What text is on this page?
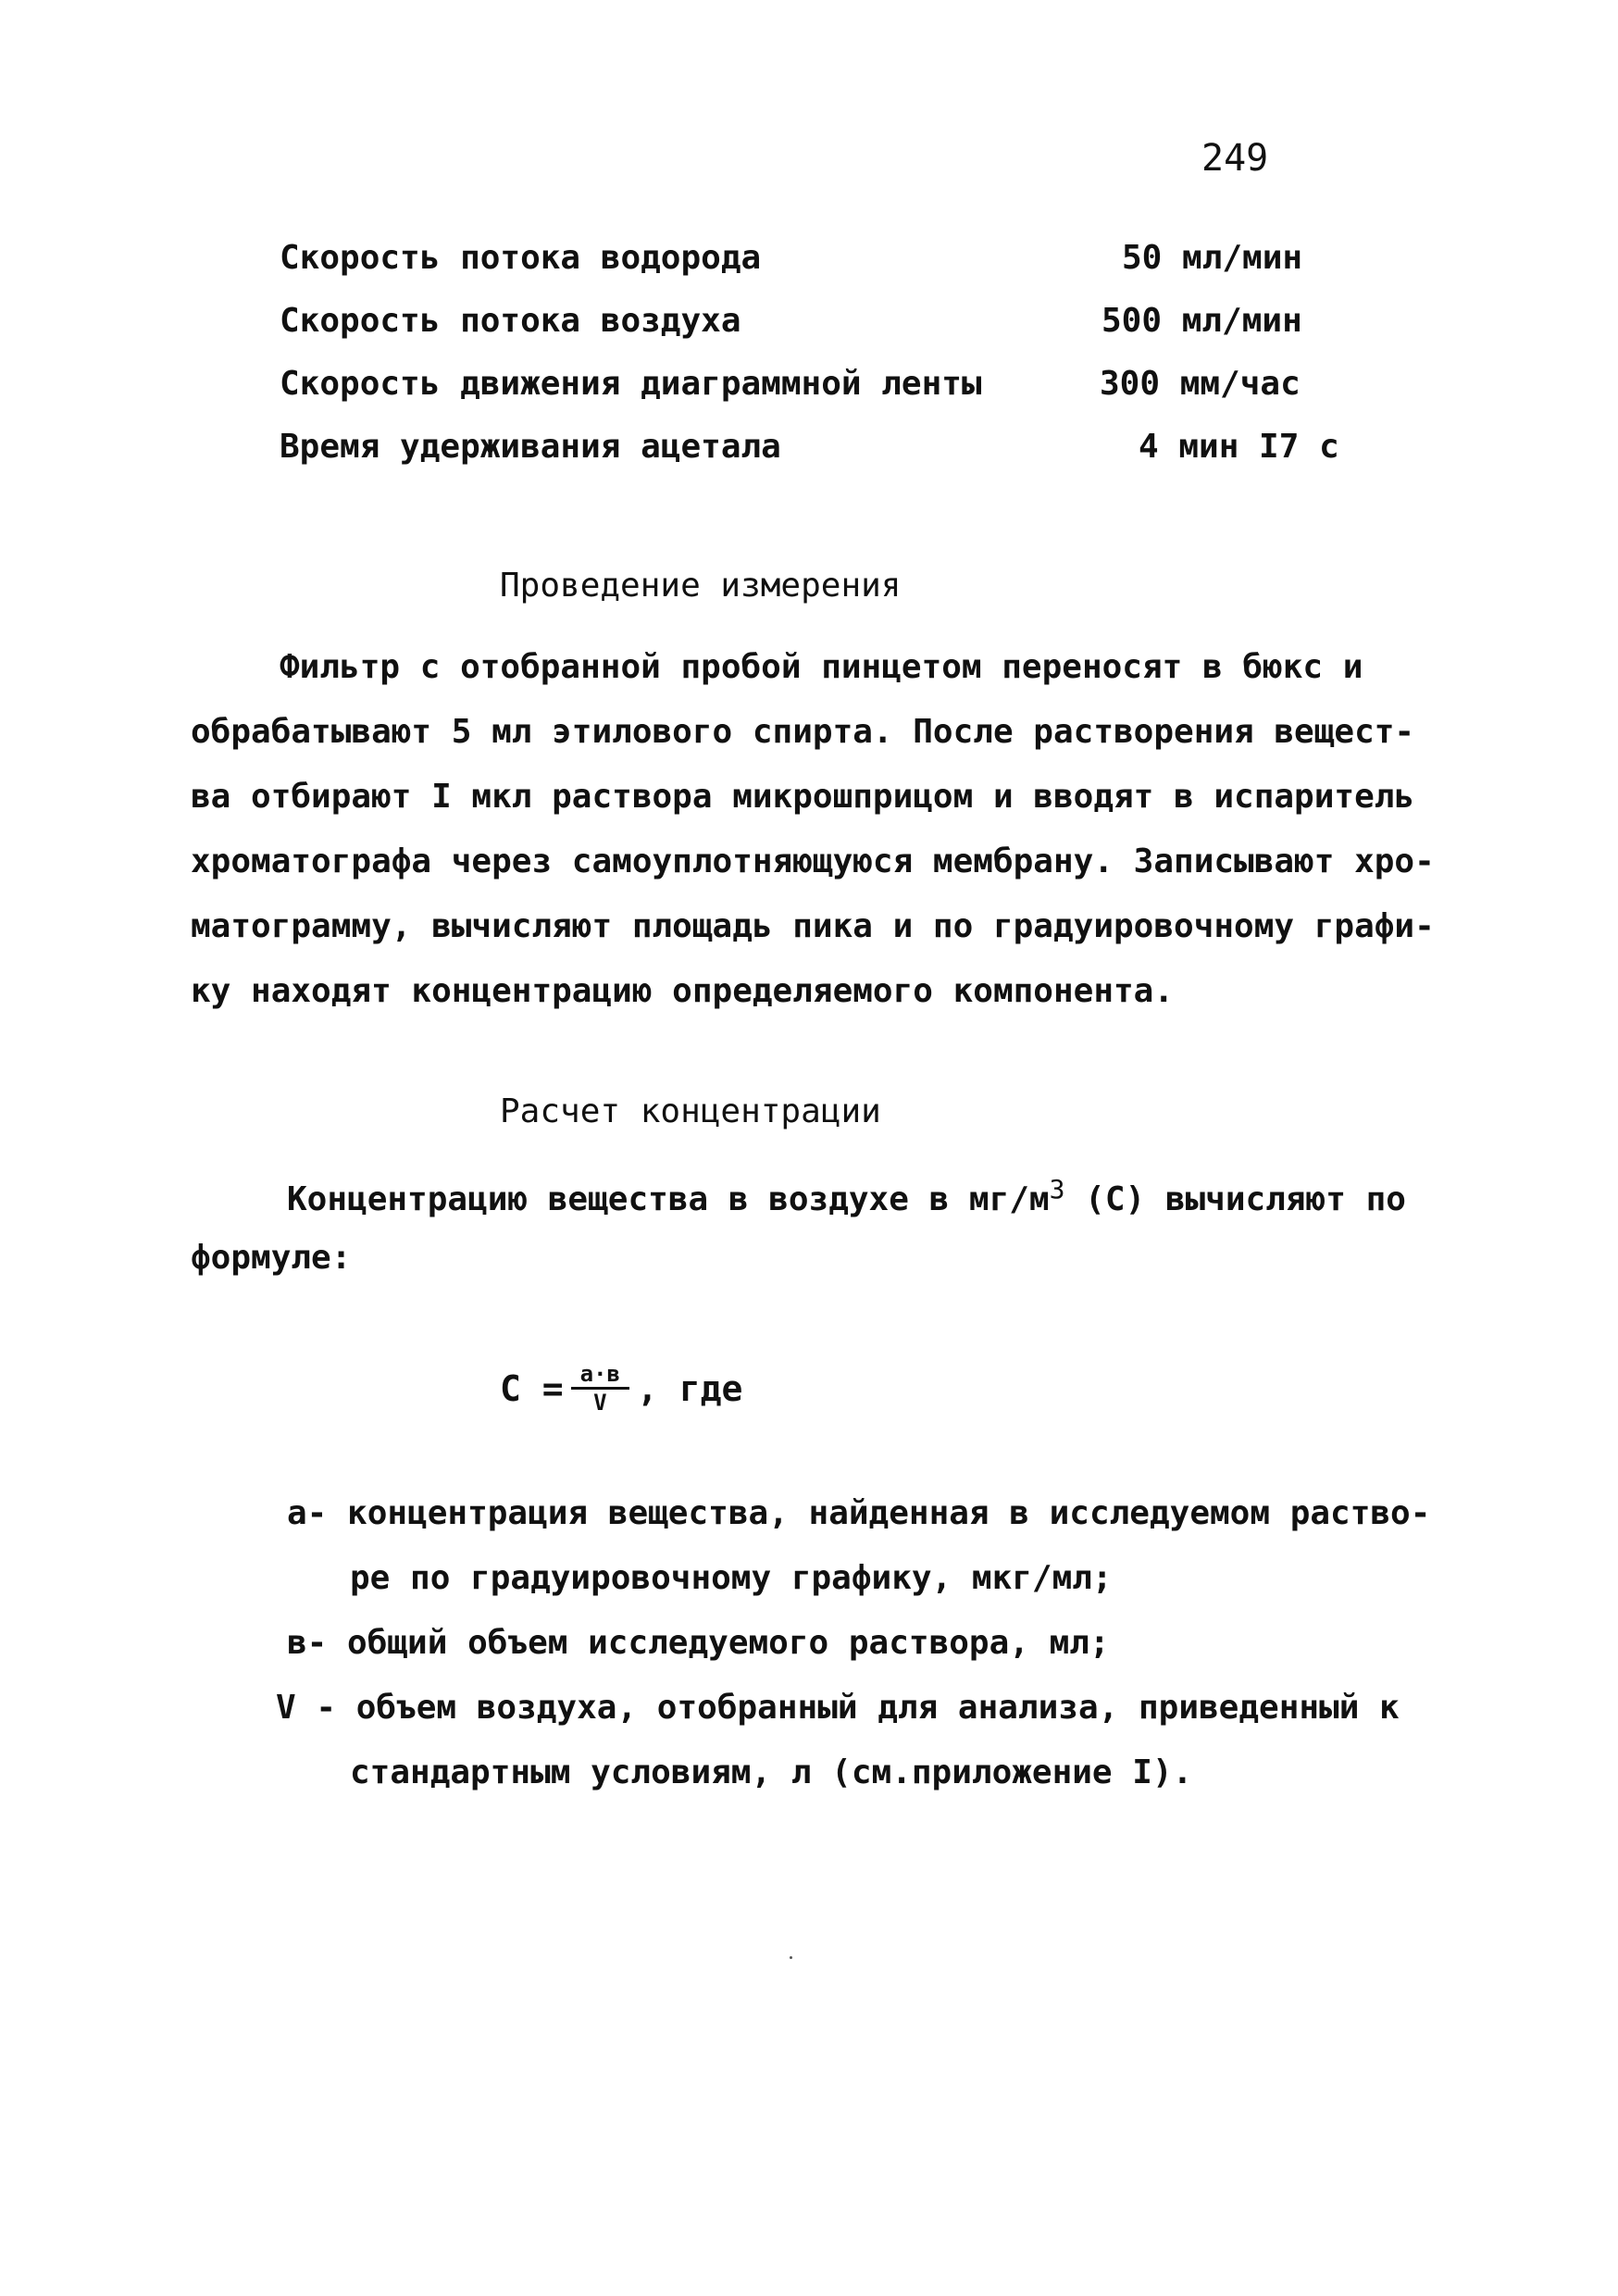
249
Скорость потока водорода	50 мл/мин
Скорость потока воздуха	500 мл/мин
Скорость движения диаграммной ленты	300 мм/час
Время удерживания ацетала	4 мин I7 с
Проведение измерения
Фильтр с отобранной пробой пинцетом переносят в бюкс и
обрабатывают 5 мл этилового спирта. После растворения вещест-
ва отбирают I мкл раствора микрошприцом и вводят в испаритель
хроматографа через самоуплотняющуюся мембрану. Записывают хро-
матограмму, вычисляют площадь пика и по градуировочному графи-
ку находят концентрацию определяемого компонента.
Расчет концентрации
Концентрацию вещества в воздухе в $мг/м^3$ (С) вычисляют по
формуле:
$С = \frac{а\cdot в}{V}$ , где
а- концентрация вещества, найденная в исследуемом раство-
ре по градуировочному графику, мкг/мл;
в- общий объем исследуемого раствора, мл;
V - объем воздуха, отобранный для анализа, приведенный к
стандартным условиям, л (см.приложение I).
